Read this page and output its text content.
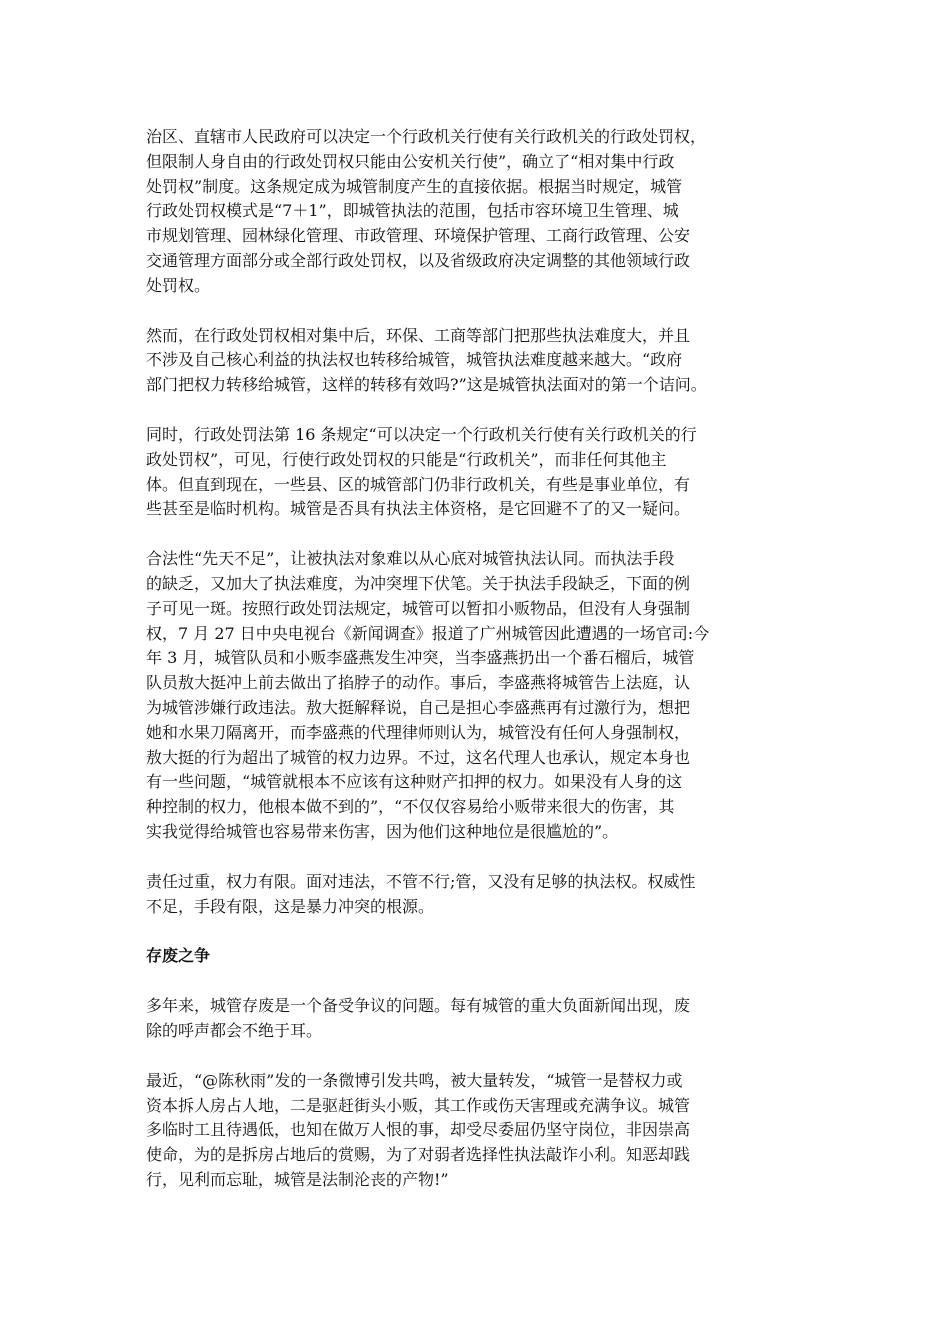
治区、直辖市人民政府可以决定一个行政机关行使有关行政机关的行政处罚权，
但限制人身自由的行政处罚权只能由公安机关行使”，确立了“相对集中行政
处罚权”制度。这条规定成为城管制度产生的直接依据。根据当时规定，城管
行政处罚权模式是“7＋1”，即城管执法的范围，包括市容环境卫生管理、城
市规划管理、园林绿化管理、市政管理、环境保护管理、工商行政管理、公安
交通管理方面部分或全部行政处罚权，以及省级政府决定调整的其他领域行政
处罚权。

然而，在行政处罚权相对集中后，环保、工商等部门把那些执法难度大，并且
不涉及自己核心利益的执法权也转移给城管，城管执法难度越来越大。“政府
部门把权力转移给城管，这样的转移有效吗?”这是城管执法面对的第一个诘问。

同时，行政处罚法第 16 条规定“可以决定一个行政机关行使有关行政机关的行
政处罚权”，可见，行使行政处罚权的只能是“行政机关”，而非任何其他主
体。但直到现在，一些县、区的城管部门仍非行政机关，有些是事业单位，有
些甚至是临时机构。城管是否具有执法主体资格，是它回避不了的又一疑问。

合法性“先天不足”，让被执法对象难以从心底对城管执法认同。而执法手段
的缺乏，又加大了执法难度，为冲突埋下伏笔。关于执法手段缺乏，下面的例
子可见一斑。按照行政处罚法规定，城管可以暂扣小贩物品，但没有人身强制
权，7 月 27 日中央电视台《新闻调查》报道了广州城管因此遭遇的一场官司:今
年 3 月，城管队员和小贩李盛燕发生冲突，当李盛燕扔出一个番石榴后，城管
队员敖大挺冲上前去做出了掐脖子的动作。事后，李盛燕将城管告上法庭，认
为城管涉嫌行政违法。敖大挺解释说，自己是担心李盛燕再有过激行为，想把
她和水果刀隔离开，而李盛燕的代理律师则认为，城管没有任何人身强制权，
敖大挺的行为超出了城管的权力边界。不过，这名代理人也承认，规定本身也
有一些问题，“城管就根本不应该有这种财产扣押的权力。如果没有人身的这
种控制的权力，他根本做不到的”，“不仅仅容易给小贩带来很大的伤害，其
实我觉得给城管也容易带来伤害，因为他们这种地位是很尴尬的”。

责任过重，权力有限。面对违法，不管不行;管，又没有足够的执法权。权威性
不足，手段有限，这是暴力冲突的根源。

存废之争

多年来，城管存废是一个备受争议的问题。每有城管的重大负面新闻出现，废
除的呼声都会不绝于耳。

最近，“@陈秋雨”发的一条微博引发共鸣，被大量转发，“城管一是替权力或
资本拆人房占人地，二是驱赶街头小贩，其工作或伤天害理或充满争议。城管
多临时工且待遇低，也知在做万人恨的事，却受尽委屈仍坚守岗位，非因崇高
使命，为的是拆房占地后的赏赐，为了对弱者选择性执法敲诈小利。知恶却践
行，见利而忘耻，城管是法制沦丧的产物!”
